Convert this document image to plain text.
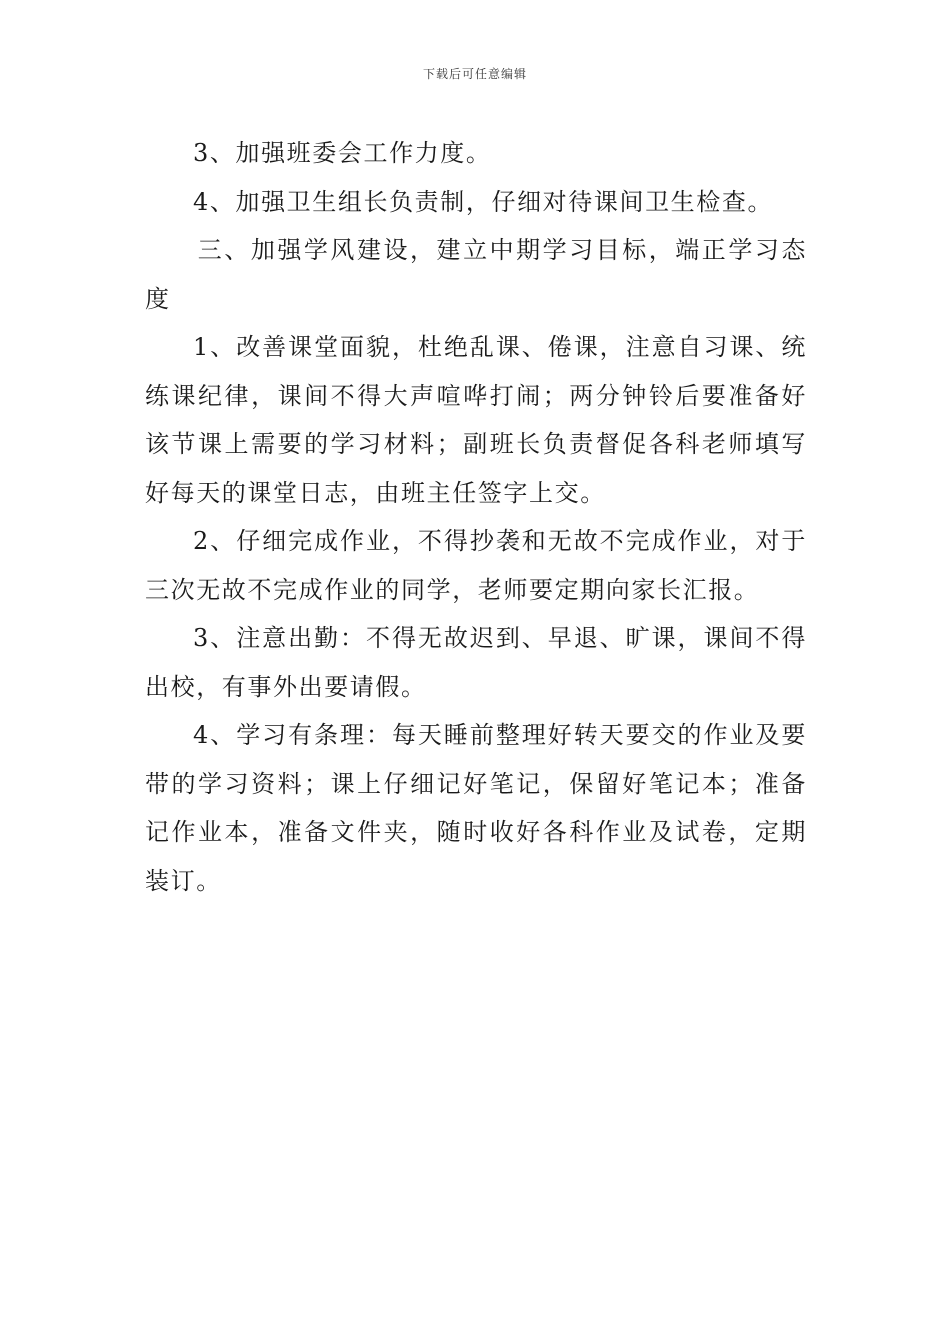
下载后可任意编辑

3、加强班委会工作力度。

4、加强卫生组长负责制，仔细对待课间卫生检查。

三、加强学风建设，建立中期学习目标，端正学习态度

1、改善课堂面貌，杜绝乱课、倦课，注意自习课、统练课纪律，课间不得大声喧哗打闹；两分钟铃后要准备好该节课上需要的学习材料；副班长负责督促各科老师填写好每天的课堂日志，由班主任签字上交。

2、仔细完成作业，不得抄袭和无故不完成作业，对于三次无故不完成作业的同学，老师要定期向家长汇报。

3、注意出勤：不得无故迟到、早退、旷课，课间不得出校，有事外出要请假。

4、学习有条理：每天睡前整理好转天要交的作业及要带的学习资料；课上仔细记好笔记，保留好笔记本；准备记作业本，准备文件夹，随时收好各科作业及试卷，定期装订。
